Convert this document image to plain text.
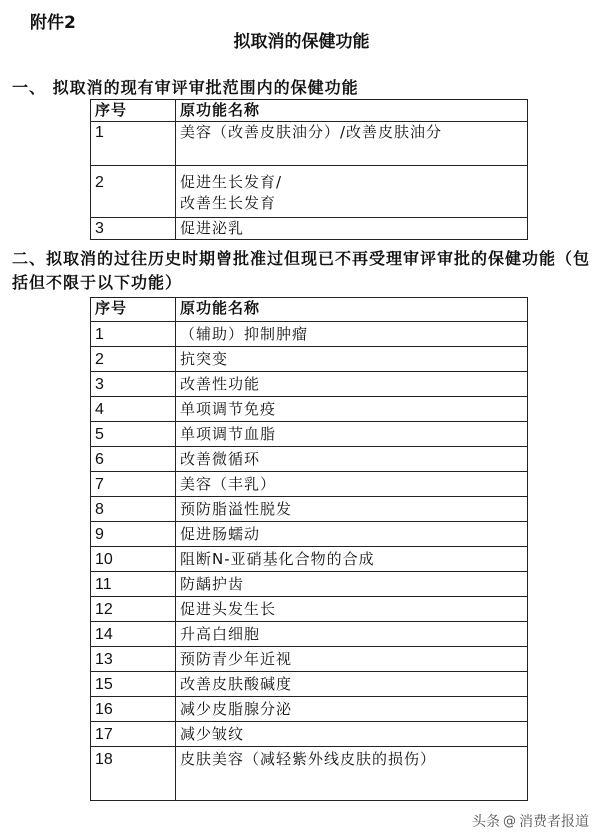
附件2
拟取消的保健功能
一、 拟取消的现有审评审批范围内的保健功能
序号	原功能名称
1	美容（改善皮肤油分）/改善皮肤油分
2	促进生长发育/
改善生长发育
3	促进泌乳
二、拟取消的过往历史时期曾批准过但现已不再受理审评审批的保健功能（包括但不限于以下功能）
序号	原功能名称
1	（辅助）抑制肿瘤
2	抗突变
3	改善性功能
4	单项调节免疫
5	单项调节血脂
6	改善微循环
7	美容（丰乳）
8	预防脂溢性脱发
9	促进肠蠕动
10	阻断N-亚硝基化合物的合成
11	防龋护齿
12	促进头发生长
14	升高白细胞
13	预防青少年近视
15	改善皮肤酸碱度
16	减少皮脂腺分泌
17	减少皱纹
18	皮肤美容（减轻紫外线皮肤的损伤）
头条 @ 消费者报道
